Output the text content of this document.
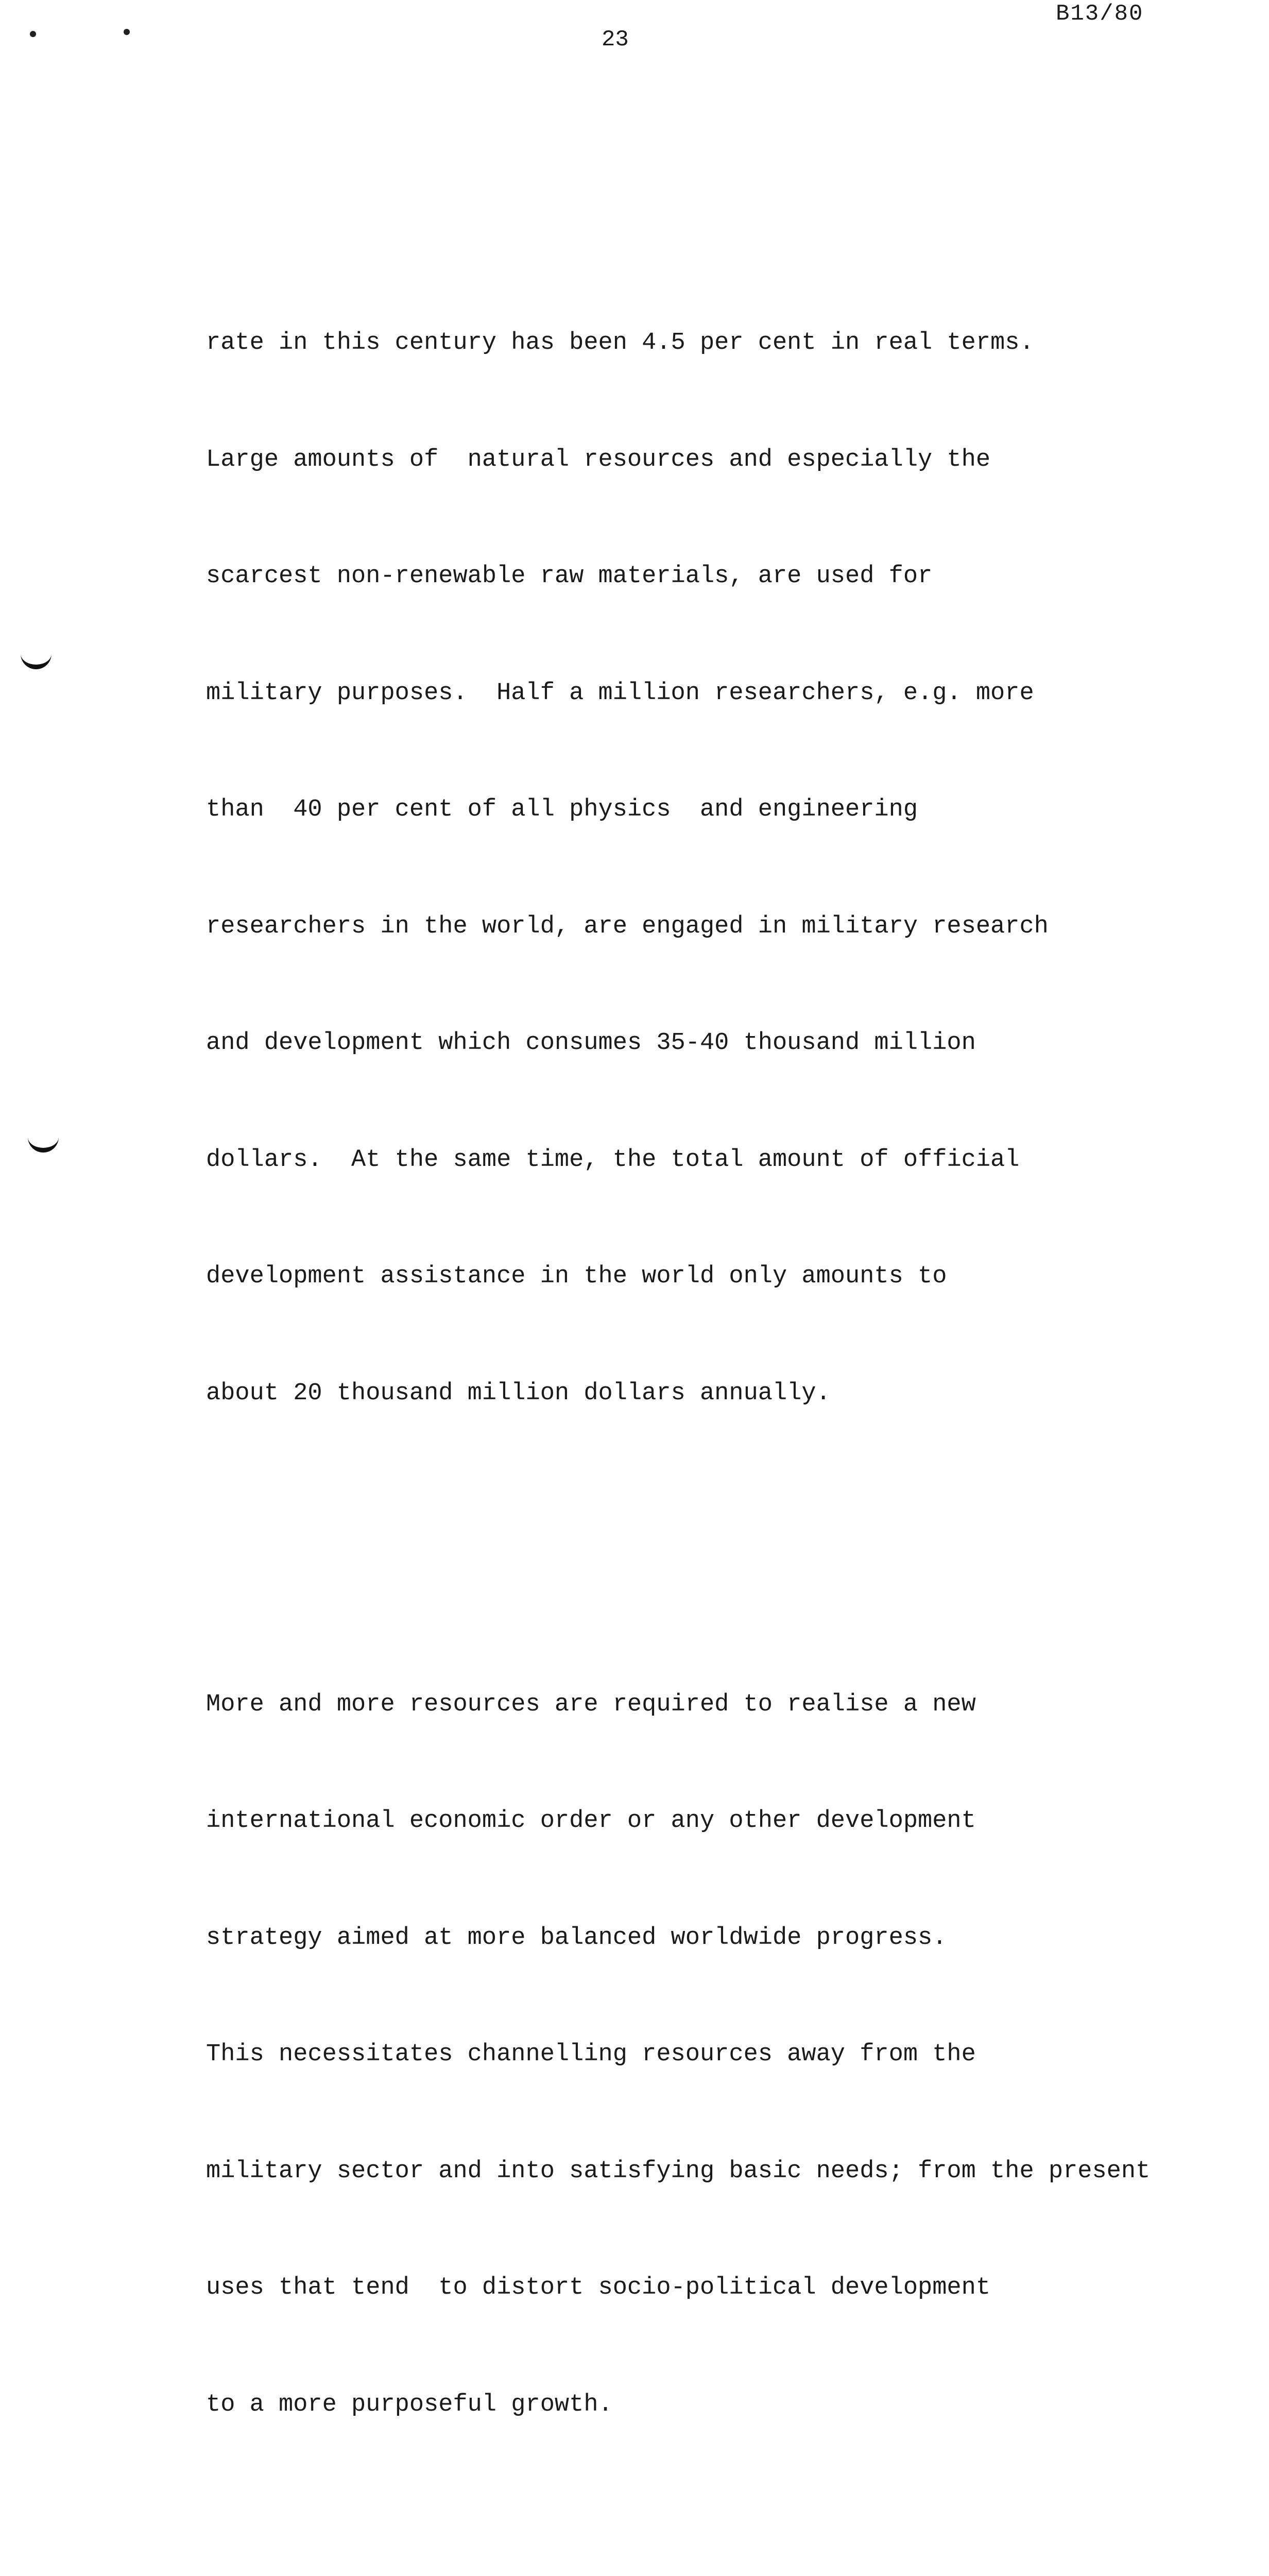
B13/80
23

rate in this century has been 4.5 per cent in real terms.

Large amounts of  natural resources and especially the

scarcest non-renewable raw materials, are used for

military purposes.  Half a million researchers, e.g. more

than  40 per cent of all physics  and engineering

researchers in the world, are engaged in military research

and development which consumes 35-40 thousand million

dollars.  At the same time, the total amount of official

development assistance in the world only amounts to

about 20 thousand million dollars annually.

More and more resources are required to realise a new

international economic order or any other development

strategy aimed at more balanced worldwide progress.

This necessitates channelling resources away from the

military sector and into satisfying basic needs; from the present

uses that tend  to distort socio-political development

to a more purposeful growth.
